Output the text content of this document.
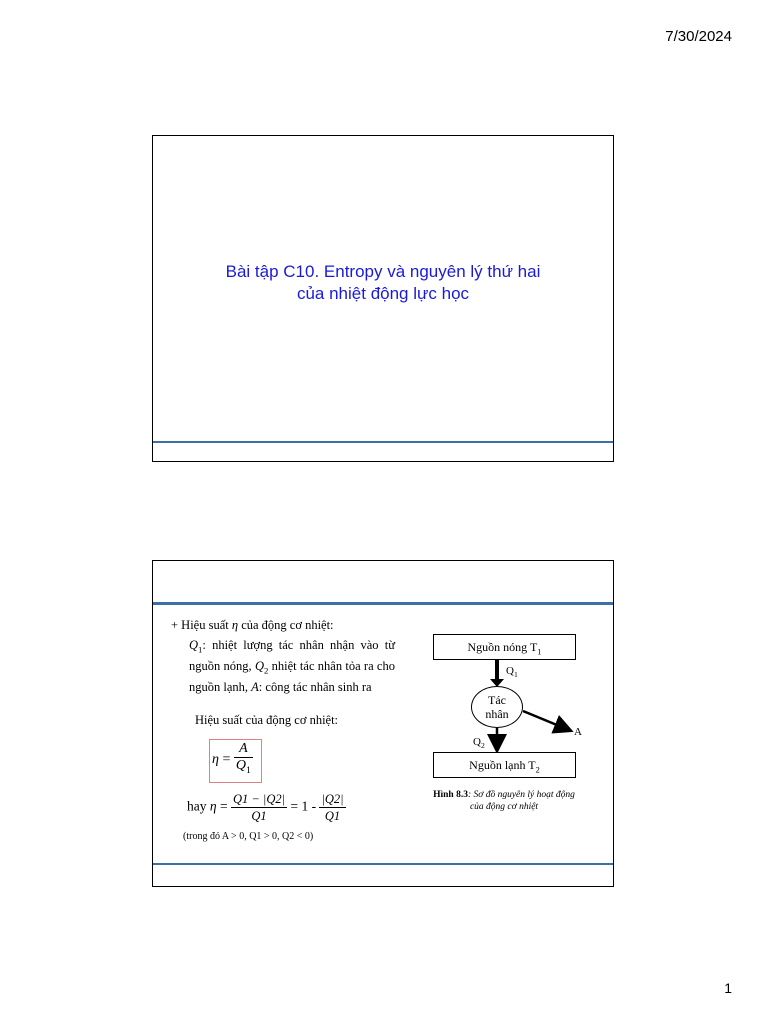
7/30/2024
Bài tập C10. Entropy và nguyên lý thứ hai
của nhiệt động lực học
+ Hiệu suất η của động cơ nhiệt:
$Q_1$: nhiệt lượng tác nhân nhận vào từ nguồn nóng, $Q_2$ nhiệt tác nhân tỏa ra cho nguồn lạnh, A: công tác nhân sinh ra
Hiệu suất của động cơ nhiệt:
$\eta = \frac{A}{Q_1}$
hay $\eta = \frac{Q1 - |Q2|}{Q1} = 1 - \frac{|Q2|}{Q1}$
(trong đó A > 0, Q1 > 0, Q2 < 0)
Nguồn nóng $T_1$
$Q_1$
Tác
nhân
A
$Q_2$
Nguồn lạnh $T_2$
Hình 8.3: Sơ đồ nguyên lý hoạt động của động cơ nhiệt
1
